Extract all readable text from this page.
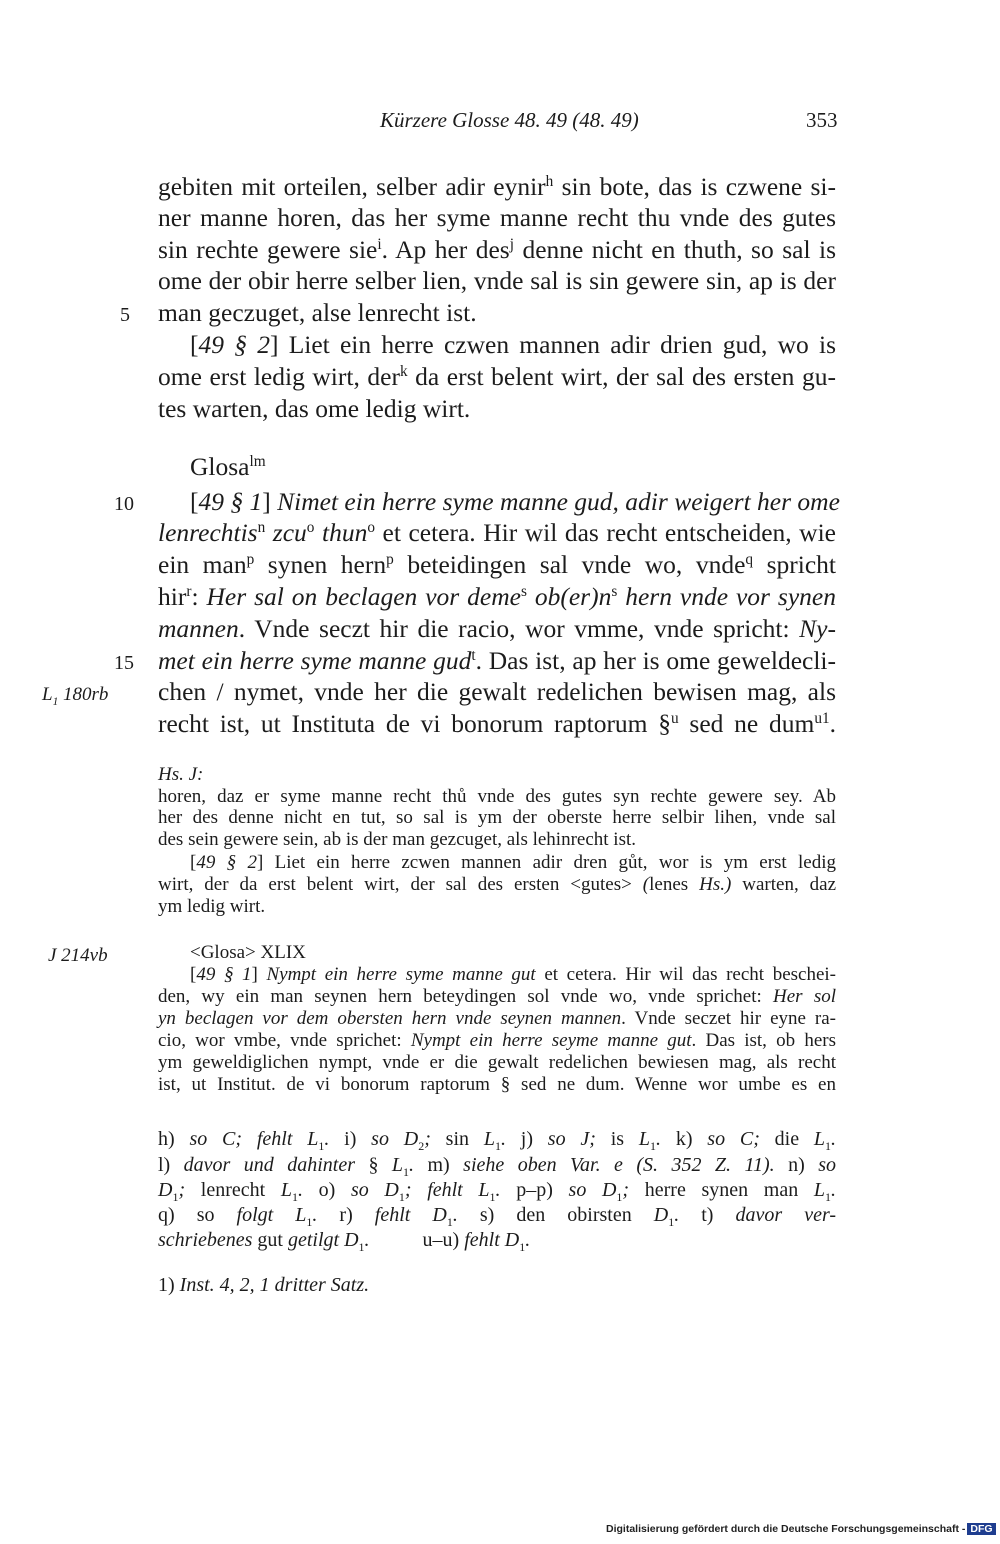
Kürzere Glosse 48. 49 (48. 49)	353
gebiten mit orteilen, selber adir eynir$^h$ sin bote, das is czwene si-
ner manne horen, das her syme manne recht thu vnde des gutes
sin rechte gewere sie$^i$. Ap her des$^j$ denne nicht en thuth, so sal is
ome der obir herre selber lien, vnde sal is sin gewere sin, ap is der
man geczuget, alse lenrecht ist.
[49 § 2] Liet ein herre czwen mannen adir drien gud, wo is
ome erst ledig wirt, der$^k$ da erst belent wirt, der sal des ersten gu-
tes warten, das ome ledig wirt.
Glosa$^{lm}$
[49 § 1] Nimet ein herre syme manne gud, adir weigert her ome
lenrechtis$^n$ zcu$^o$ thun$^o$ et cetera. Hir wil das recht entscheiden, wie
ein man$^p$ synen hern$^p$ beteidingen sal vnde wo, vnde$^q$ spricht
hir$^r$: Her sal on beclagen vor deme$^s$ $ob(er)n^s$ hern vnde vor synen
mannen. Vnde seczt hir die racio, wor vmme, vnde spricht: Ny-
met ein herre syme manne gud$^t$. Das ist, ap her is ome geweldecli-
chen / nymet, vnde her die gewalt redelichen bewisen mag, als
recht ist, ut Instituta de vi bonorum raptorum §$^u$ sed ne dum$^{u1}$.
5
10
15
$L_1$ 180rb
J 214vb
Hs. J:
horen, daz er syme manne recht thů vnde des gutes syn rechte gewere sey. Ab
her des denne nicht en tut, so sal is ym der oberste herre selbir lihen, vnde sal
des sein gewere sein, ab is der man gezcuget, als lehinrecht ist.
[49 § 2] Liet ein herre zcwen mannen adir dren gůt, wor is ym erst ledig
wirt, der da erst belent wirt, der sal des ersten <gutes> (lenes Hs.) warten, daz
ym ledig wirt.
<Glosa> XLIX
[49 § 1] Nympt ein herre syme manne gut et cetera. Hir wil das recht beschei-
den, wy ein man seynen hern beteydingen sol vnde wo, vnde sprichet: Her sol
yn beclagen vor dem obersten hern vnde seynen mannen. Vnde seczet hir eyne ra-
cio, wor vmbe, vnde sprichet: Nympt ein herre seyme manne gut. Das ist, ob hers
ym geweldiglichen nympt, vnde er die gewalt redelichen bewiesen mag, als recht
ist, ut Institut. de vi bonorum raptorum § sed ne dum. Wenne wor umbe es en
h) so C; fehlt $L_1$. i) so $D_2$; $\sin L_1$. j) so J; is $L_1$. k) so C; die $L_1$.
l) davor und dahinter § $L_1$. m) siehe oben Var. e (S. 352 Z. 11). n) so
$D_1$; lenrecht $L_1$. o) so $D_1$; fehlt $L_1$. p–p) so $D_1$; herre synen man $L_1$.
q) so folgt $L_1$. r) fehlt $D_1$. s) den obirsten $D_1$. t) davor ver-
schriebenes gut getilgt $D_1$.	u–u) fehlt $D_1$.
1) Inst. 4, 2, 1 dritter Satz.
Digitalisierung gefördert durch die Deutsche Forschungsgemeinschaft - DFG
